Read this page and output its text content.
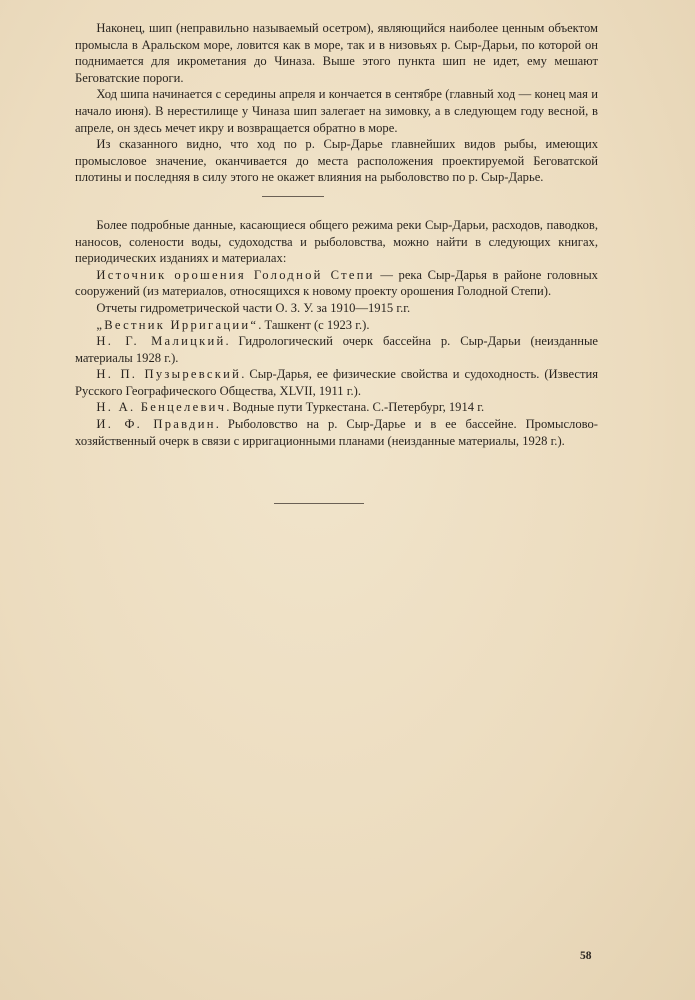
Наконец, шип (неправильно называемый осетром), являющийся наиболее ценным объектом промысла в Аральском море, ловится как в море, так и в низовьях р. Сыр-Дарьи, по которой он поднимается для икрометания до Чиназа. Выше этого пункта шип не идет, ему мешают Беговатские пороги.

Ход шипа начинается с середины апреля и кончается в сентябре (главный ход — конец мая и начало июня). В нерестилище у Чиназа шип залегает на зимовку, а в следующем году весной, в апреле, он здесь мечет икру и возвращается обратно в море.

Из сказанного видно, что ход по р. Сыр-Дарье главнейших видов рыбы, имеющих промысловое значение, оканчивается до места расположения проектируемой Беговатской плотины и последняя в силу этого не окажет влияния на рыболовство по р. Сыр-Дарье.

Более подробные данные, касающиеся общего режима реки Сыр-Дарьи, расходов, паводков, наносов, солености воды, судоходства и рыболовства, можно найти в следующих книгах, периодических изданиях и материалах:

Источник орошения Голодной Степи — река Сыр-Дарья в районе головных сооружений (из материалов, относящихся к новому проекту орошения Голодной Степи).

Отчеты гидрометрической части О. З. У. за 1910—1915 г.г.

„Вестник Ирригации“. Ташкент (с 1923 г.).

Н. Г. Малицкий. Гидрологический очерк бассейна р. Сыр-Дарьи (неизданные материалы 1928 г.).

Н. П. Пузыревский. Сыр-Дарья, ее физические свойства и судоходность. (Известия Русского Географического Общества, XLVII, 1911 г.).

Н. А. Бенцелевич. Водные пути Туркестана. С.-Петербург, 1914 г.

И. Ф. Правдин. Рыболовство на р. Сыр-Дарье и в ее бассейне. Промыслово-хозяйственный очерк в связи с ирригационными планами (неизданные материалы, 1928 г.).

58
